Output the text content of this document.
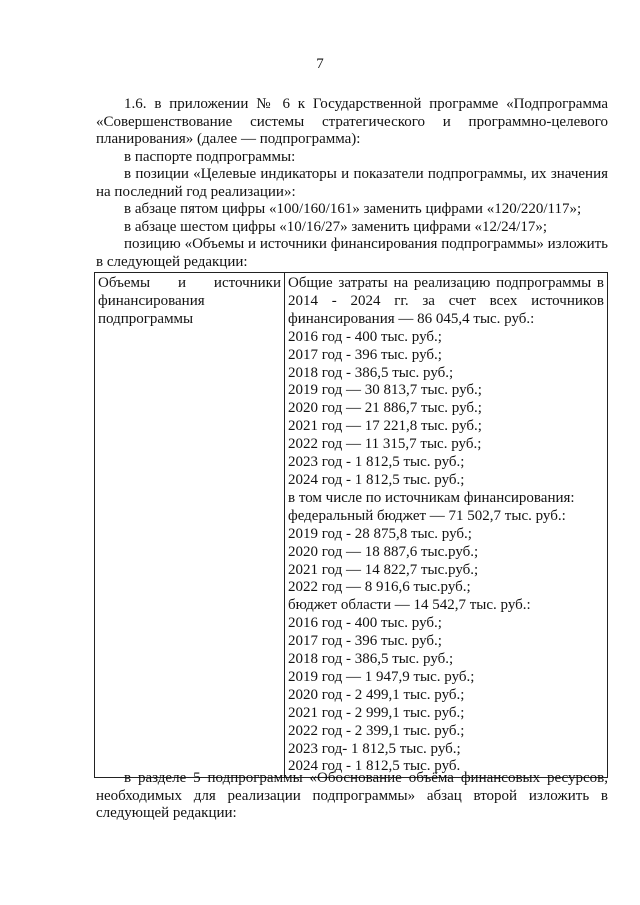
7

1.6. в приложении № 6 к Государственной программе «Подпрограмма «Совершенствование системы стратегического и программно-целевого планирования» (далее — подпрограмма):

в паспорте подпрограммы:

в позиции «Целевые индикаторы и показатели подпрограммы, их значения на последний год реализации»:

в абзаце пятом цифры «100/160/161» заменить цифрами «120/220/117»;

в абзаце шестом цифры «10/16/27» заменить цифрами «12/24/17»;

позицию «Объемы и источники финансирования подпрограммы» изложить в следующей редакции:

Объемы и источники
финансирования
подпрограммы

Общие затраты на реализацию подпрограммы в
2014 - 2024 гг. за счет всех источников
финансирования — 86 045,4 тыс. руб.:
2016 год - 400 тыс. руб.;
2017 год - 396 тыс. руб.;
2018 год - 386,5 тыс. руб.;
2019 год — 30 813,7 тыс. руб.;
2020 год — 21 886,7 тыс. руб.;
2021 год — 17 221,8 тыс. руб.;
2022 год — 11 315,7 тыс. руб.;
2023 год - 1 812,5 тыс. руб.;
2024 год - 1 812,5 тыс. руб.;
в том числе по источникам финансирования:
федеральный бюджет — 71 502,7 тыс. руб.:
2019 год - 28 875,8 тыс. руб.;
2020 год — 18 887,6 тыс.руб.;
2021 год — 14 822,7 тыс.руб.;
2022 год — 8 916,6 тыс.руб.;
бюджет области — 14 542,7 тыс. руб.:
2016 год - 400 тыс. руб.;
2017 год - 396 тыс. руб.;
2018 год - 386,5 тыс. руб.;
2019 год — 1 947,9 тыс. руб.;
2020 год - 2 499,1 тыс. руб.;
2021 год - 2 999,1 тыс. руб.;
2022 год - 2 399,1 тыс. руб.;
2023 год- 1 812,5 тыс. руб.;
2024 год - 1 812,5 тыс. руб.

в разделе 5 подпрограммы «Обоснование объёма финансовых ресурсов, необходимых для реализации подпрограммы» абзац второй изложить в следующей редакции:
